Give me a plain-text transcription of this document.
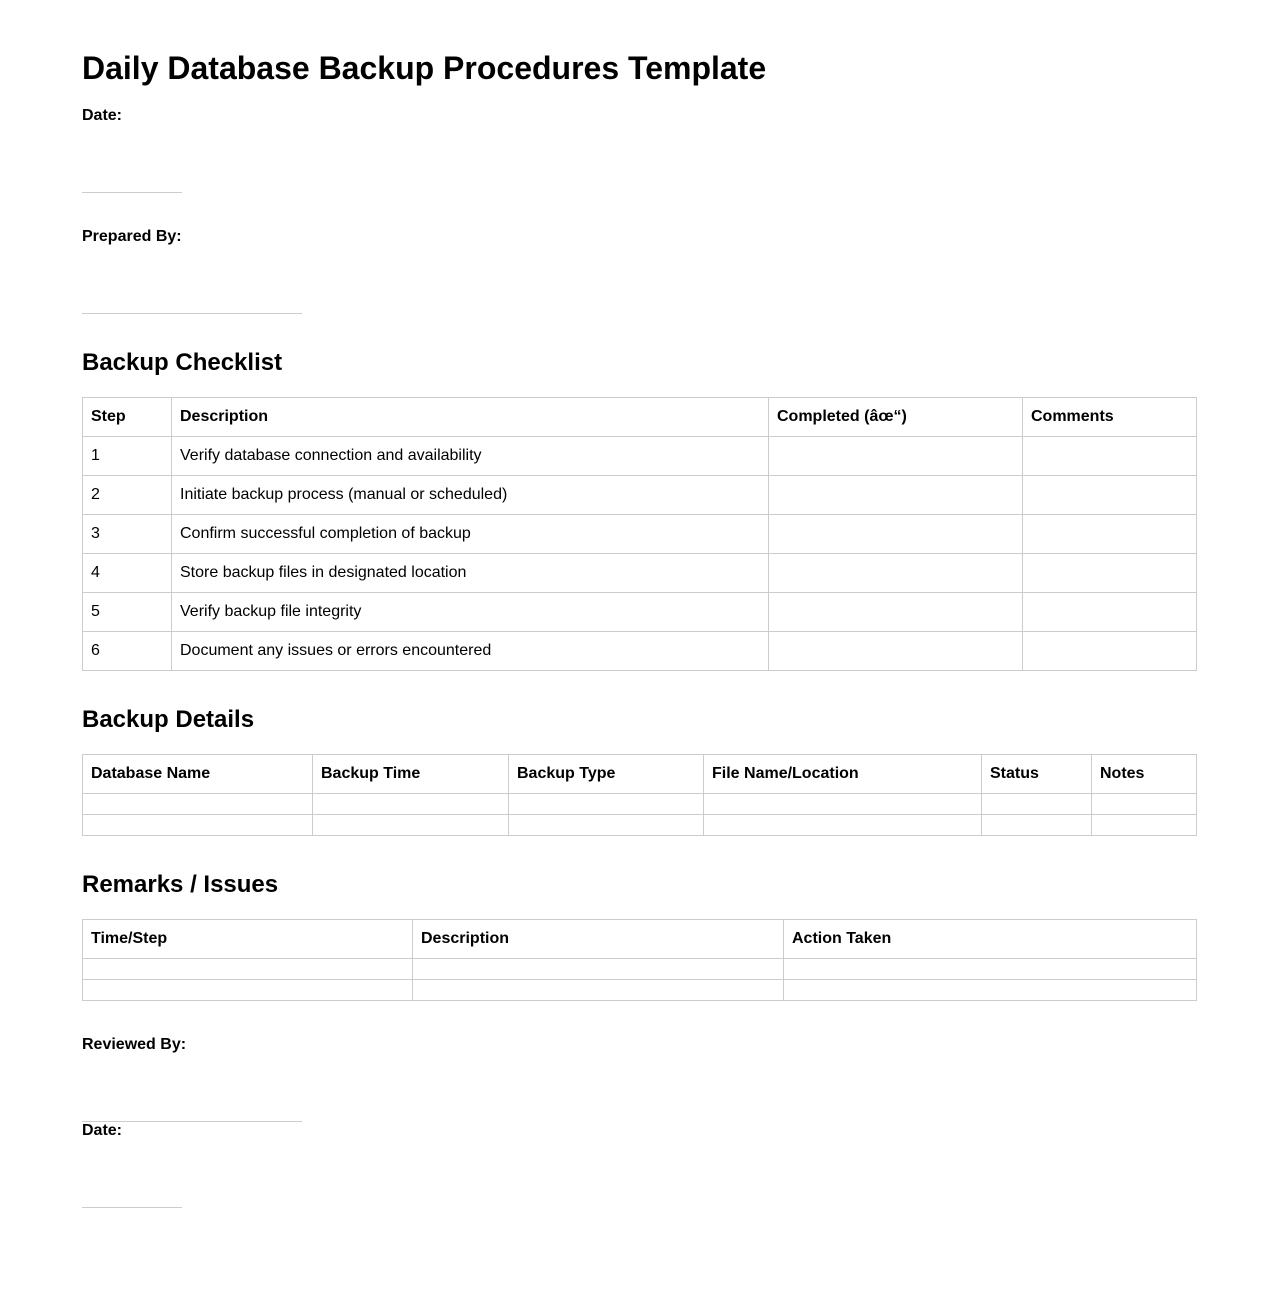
Daily Database Backup Procedures Template
Date:
Prepared By:
Backup Checklist
Step	Description	Completed (âœ“)	Comments
1	Verify database connection and availability		
2	Initiate backup process (manual or scheduled)		
3	Confirm successful completion of backup		
4	Store backup files in designated location		
5	Verify backup file integrity		
6	Document any issues or errors encountered		
Backup Details
Database Name	Backup Time	Backup Type	File Name/Location	Status	Notes

Remarks / Issues
Time/Step	Description	Action Taken

Reviewed By:
Date:
